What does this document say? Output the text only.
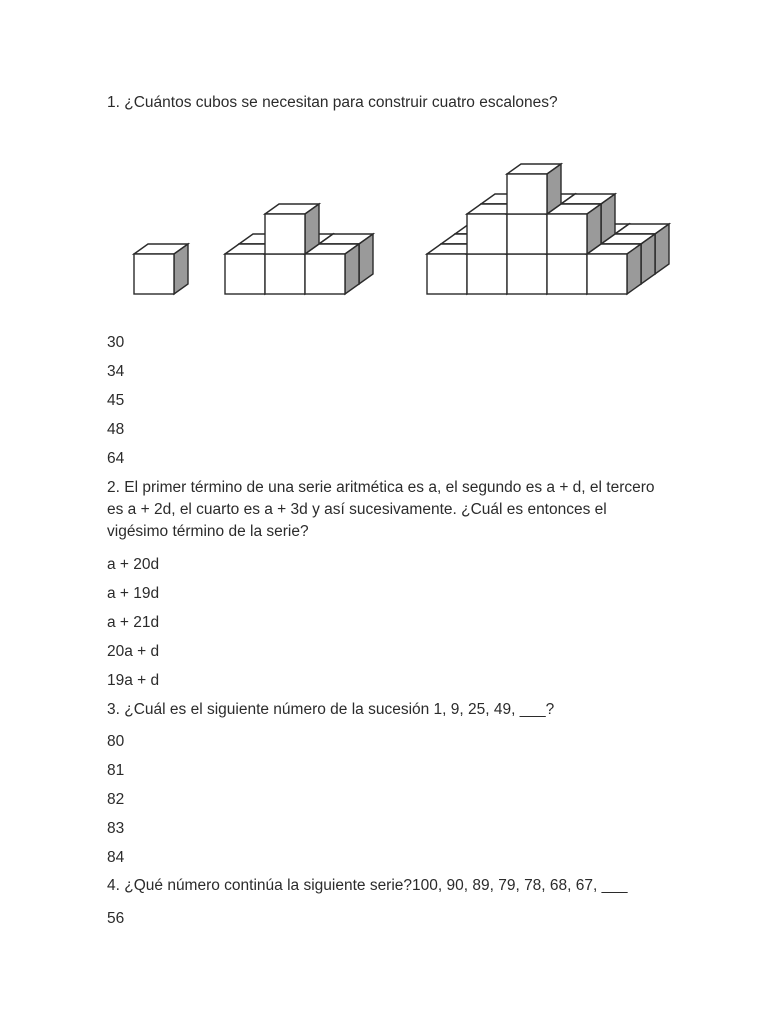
1. ¿Cuántos cubos se necesitan para construir cuatro escalones?
30
34
45
48
64
2. El primer término de una serie aritmética es a, el segundo es a + d, el tercero es a + 2d, el cuarto es a + 3d y así sucesivamente. ¿Cuál es entonces el vigésimo término de la serie?
a + 20d
a + 19d
a + 21d
20a + d
19a + d
3. ¿Cuál es el siguiente número de la sucesión 1, 9, 25, 49, ___?
80
81
82
83
84
4. ¿Qué número continúa la siguiente serie?100, 90, 89, 79, 78, 68, 67, ___
56
